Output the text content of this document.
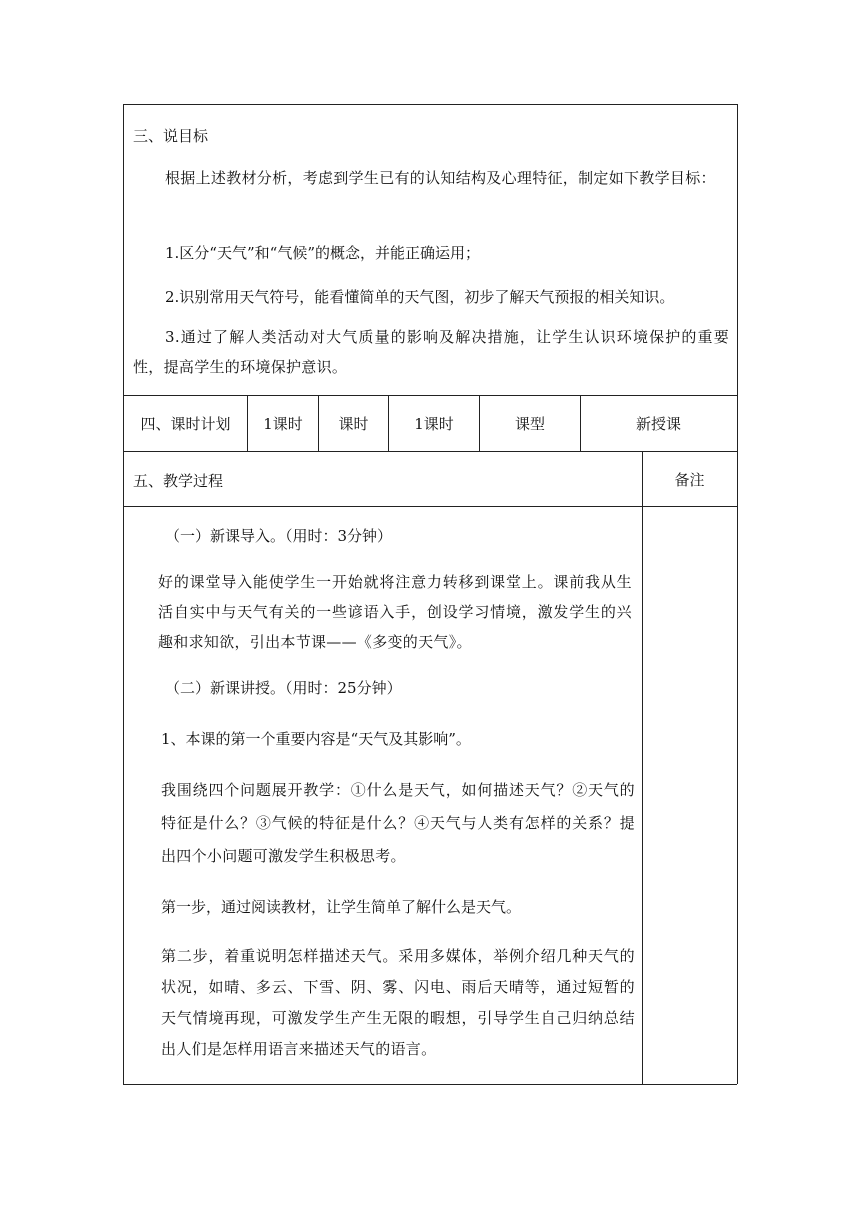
三、说目标
根据上述教材分析，考虑到学生已有的认知结构及心理特征，制定如下教学目标：
1.区分“天气”和“气候”的概念，并能正确运用；
2.识别常用天气符号，能看懂简单的天气图，初步了解天气预报的相关知识。
3.通过了解人类活动对大气质量的影响及解决措施，让学生认识环境保护的重要性，提高学生的环境保护意识。
四、课时计划	1课时	课时	1课时	课型	新授课
五、教学过程	备注
（一）新课导入。（用时：3分钟）
好的课堂导入能使学生一开始就将注意力转移到课堂上。课前我从生活自实中与天气有关的一些谚语入手，创设学习情境，激发学生的兴趣和求知欲，引出本节课——《多变的天气》。
（二）新课讲授。（用时：25分钟）
1、本课的第一个重要内容是“天气及其影响”。
我围绕四个问题展开教学：①什么是天气，如何描述天气？②天气的特征是什么？③气候的特征是什么？④天气与人类有怎样的关系？提出四个小问题可激发学生积极思考。
第一步，通过阅读教材，让学生简单了解什么是天气。
第二步，着重说明怎样描述天气。采用多媒体，举例介绍几种天气的状况，如晴、多云、下雪、阴、雾、闪电、雨后天晴等，通过短暂的天气情境再现，可激发学生产生无限的暇想，引导学生自己归纳总结出人们是怎样用语言来描述天气的语言。
